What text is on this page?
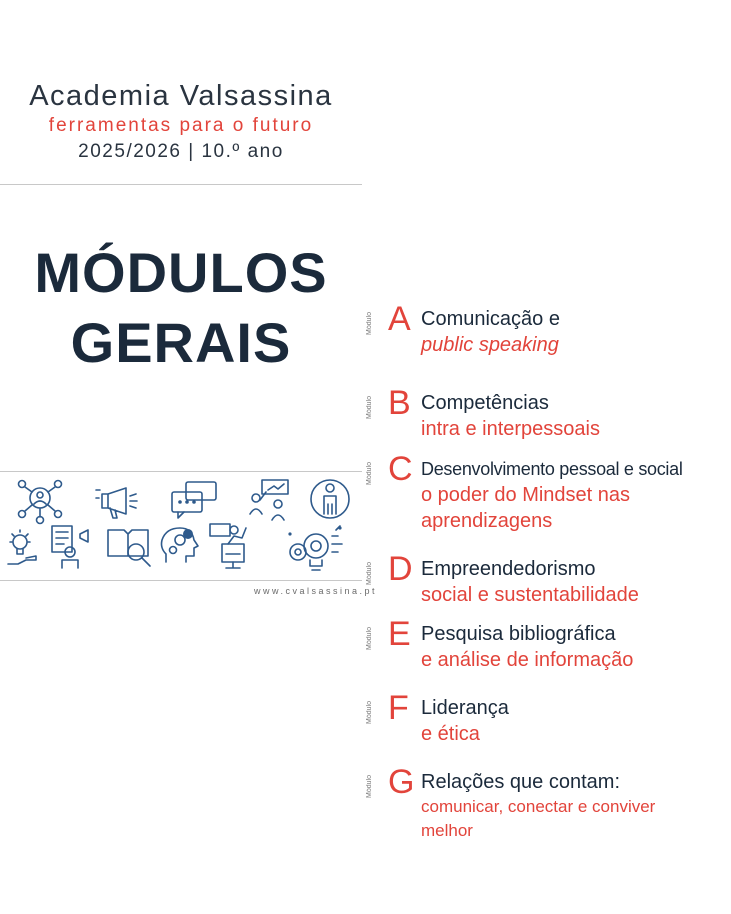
Academia Valsassina
ferramentas para o futuro
2025/2026 | 10.º ano
MÓDULOS
GERAIS
www.cvalsassina.pt
Módulo A Comunicação e
public speaking
Módulo B Competências
intra e interpessoais
Módulo C Desenvolvimento pessoal e social
o poder do Mindset nas aprendizagens
Módulo D Empreendedorismo
social e sustentabilidade
Módulo E Pesquisa bibliográfica
e análise de informação
Módulo F Liderança
e ética
Módulo G Relações que contam:
comunicar, conectar e conviver melhor
